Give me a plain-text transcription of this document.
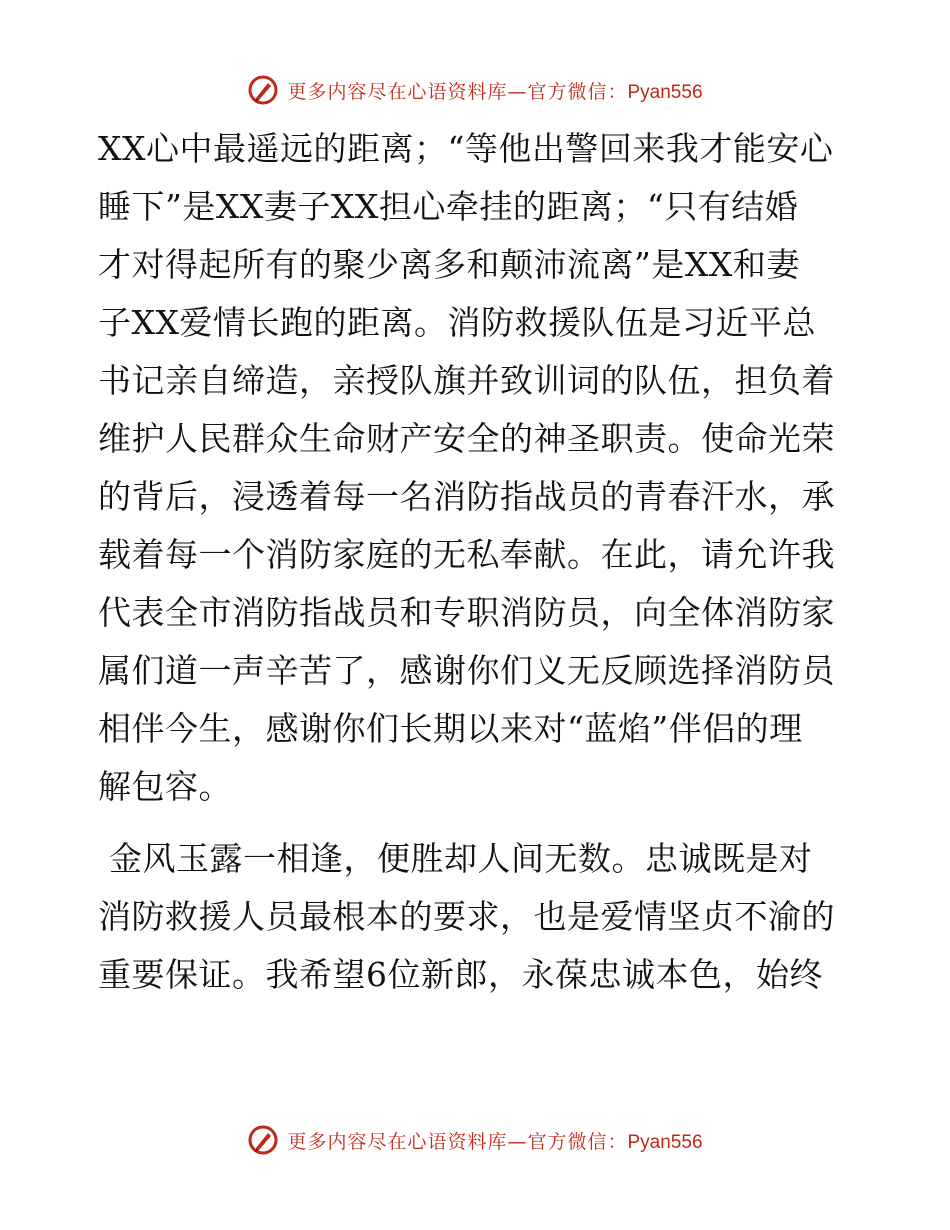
更多内容尽在心语资料库—官方微信：Pyan556

XX心中最遥远的距离；“等他出警回来我才能安心

睡下”是XX妻子XX担心牵挂的距离；“只有结婚

才对得起所有的聚少离多和颠沛流离”是XX和妻

子XX爱情长跑的距离。消防救援队伍是习近平总

书记亲自缔造，亲授队旗并致训词的队伍，担负着

维护人民群众生命财产安全的神圣职责。使命光荣

的背后，浸透着每一名消防指战员的青春汗水，承

载着每一个消防家庭的无私奉献。在此，请允许我

代表全市消防指战员和专职消防员，向全体消防家

属们道一声辛苦了，感谢你们义无反顾选择消防员

相伴今生，感谢你们长期以来对“蓝焰”伴侣的理

解包容。

金风玉露一相逢，便胜却人间无数。忠诚既是对

消防救援人员最根本的要求，也是爱情坚贞不渝的

重要保证。我希望6位新郎，永葆忠诚本色，始终

更多内容尽在心语资料库—官方微信：Pyan556
